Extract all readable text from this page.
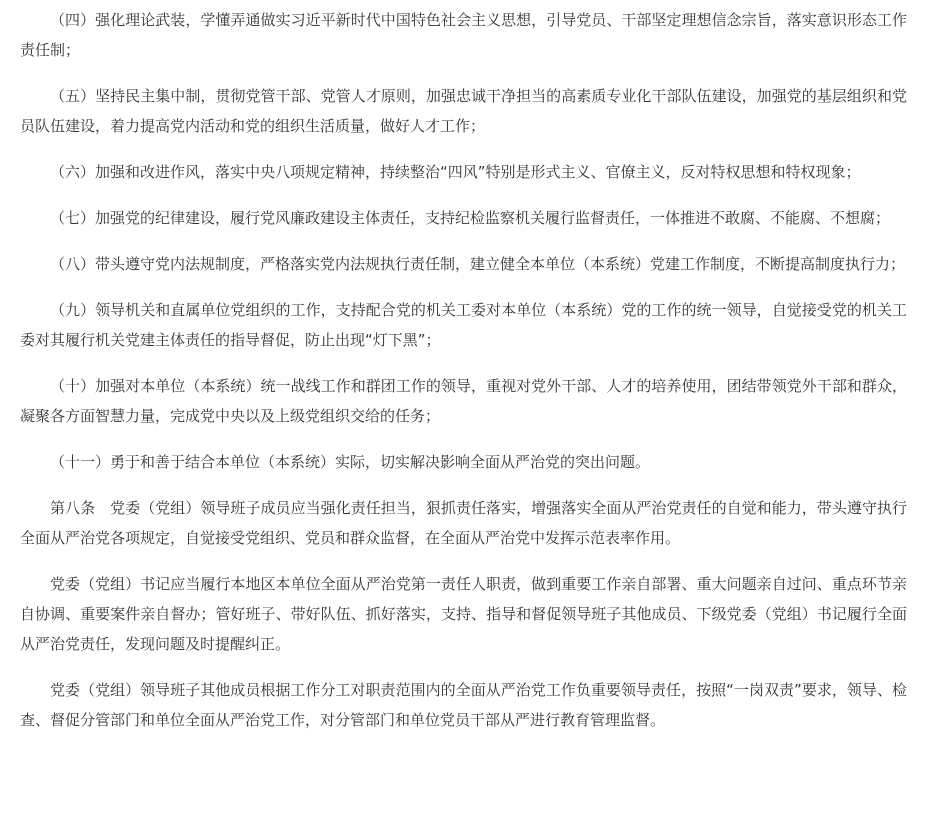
（四）强化理论武装，学懂弄通做实习近平新时代中国特色社会主义思想，引导党员、干部坚定理想信念宗旨，落实意识形态工作责任制；

（五）坚持民主集中制，贯彻党管干部、党管人才原则，加强忠诚干净担当的高素质专业化干部队伍建设，加强党的基层组织和党员队伍建设，着力提高党内活动和党的组织生活质量，做好人才工作；

（六）加强和改进作风，落实中央八项规定精神，持续整治“四风”特别是形式主义、官僚主义，反对特权思想和特权现象；

（七）加强党的纪律建设，履行党风廉政建设主体责任，支持纪检监察机关履行监督责任，一体推进不敢腐、不能腐、不想腐；

（八）带头遵守党内法规制度，严格落实党内法规执行责任制，建立健全本单位（本系统）党建工作制度，不断提高制度执行力；

（九）领导机关和直属单位党组织的工作，支持配合党的机关工委对本单位（本系统）党的工作的统一领导，自觉接受党的机关工委对其履行机关党建主体责任的指导督促，防止出现“灯下黑”；

（十）加强对本单位（本系统）统一战线工作和群团工作的领导，重视对党外干部、人才的培养使用，团结带领党外干部和群众，凝聚各方面智慧力量，完成党中央以及上级党组织交给的任务；

（十一）勇于和善于结合本单位（本系统）实际，切实解决影响全面从严治党的突出问题。

第八条　党委（党组）领导班子成员应当强化责任担当，狠抓责任落实，增强落实全面从严治党责任的自觉和能力，带头遵守执行全面从严治党各项规定，自觉接受党组织、党员和群众监督，在全面从严治党中发挥示范表率作用。

党委（党组）书记应当履行本地区本单位全面从严治党第一责任人职责，做到重要工作亲自部署、重大问题亲自过问、重点环节亲自协调、重要案件亲自督办；管好班子、带好队伍、抓好落实，支持、指导和督促领导班子其他成员、下级党委（党组）书记履行全面从严治党责任，发现问题及时提醒纠正。

党委（党组）领导班子其他成员根据工作分工对职责范围内的全面从严治党工作负重要领导责任，按照“一岗双责”要求，领导、检查、督促分管部门和单位全面从严治党工作，对分管部门和单位党员干部从严进行教育管理监督。
